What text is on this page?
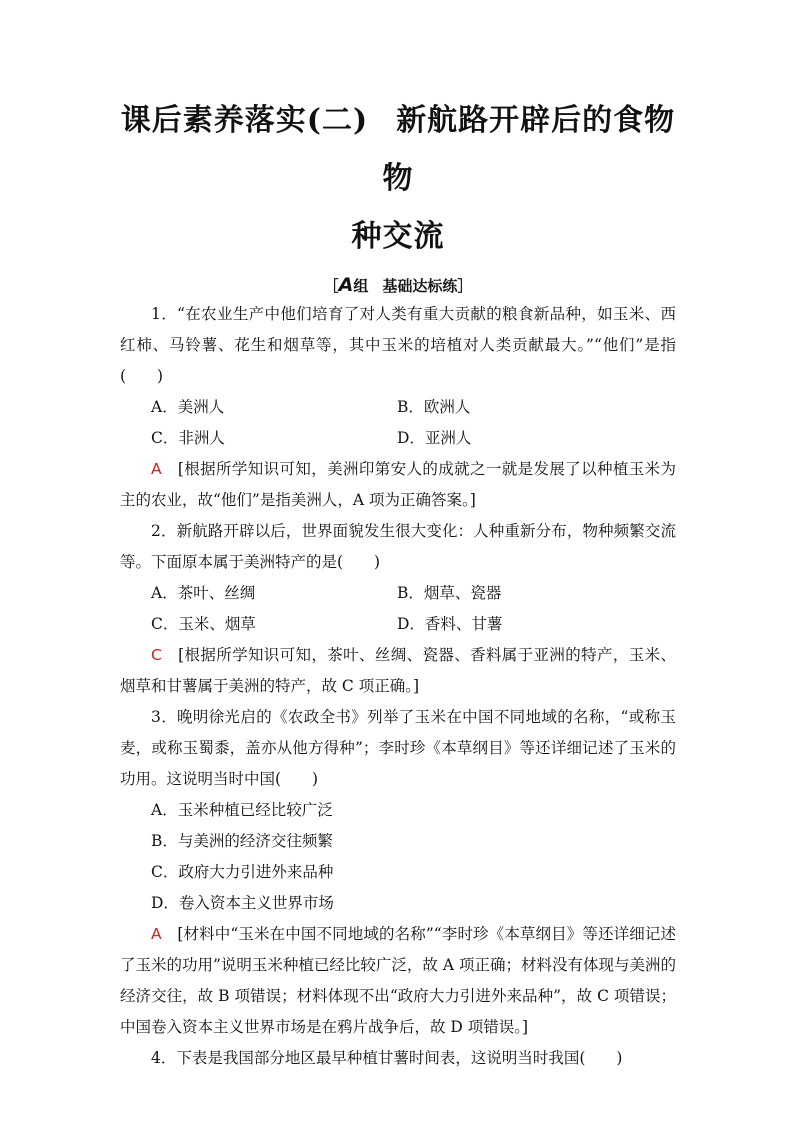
课后素养落实(二) 新航路开辟后的食物物
种交流
［A组 基础达标练］

1．“在农业生产中他们培育了对人类有重大贡献的粮食新品种，如玉米、西红柿、马铃薯、花生和烟草等，其中玉米的培植对人类贡献最大。”“他们”是指(　　)

A．美洲人	B．欧洲人
C．非洲人	D．亚洲人

A　 [根据所学知识可知，美洲印第安人的成就之一就是发展了以种植玉米为主的农业，故“他们”是指美洲人，A 项为正确答案。]

2．新航路开辟以后，世界面貌发生很大变化：人种重新分布，物种频繁交流等。下面原本属于美洲特产的是(　　)

A．茶叶、丝绸	B．烟草、瓷器
C．玉米、烟草	D．香料、甘薯

C　 [根据所学知识可知，茶叶、丝绸、瓷器、香料属于亚洲的特产，玉米、烟草和甘薯属于美洲的特产，故 C 项正确。]

3．晚明徐光启的《农政全书》列举了玉米在中国不同地域的名称，“或称玉麦，或称玉蜀黍，盖亦从他方得种”；李时珍《本草纲目》等还详细记述了玉米的功用。这说明当时中国(　　)

A．玉米种植已经比较广泛
B．与美洲的经济交往频繁
C．政府大力引进外来品种
D．卷入资本主义世界市场

A　 [材料中“玉米在中国不同地域的名称”“李时珍《本草纲目》等还详细记述了玉米的功用”说明玉米种植已经比较广泛，故 A 项正确；材料没有体现与美洲的经济交往，故 B 项错误；材料体现不出“政府大力引进外来品种”，故 C 项错误；中国卷入资本主义世界市场是在鸦片战争后，故 D 项错误。]

4．下表是我国部分地区最早种植甘薯时间表，这说明当时我国(　　)
